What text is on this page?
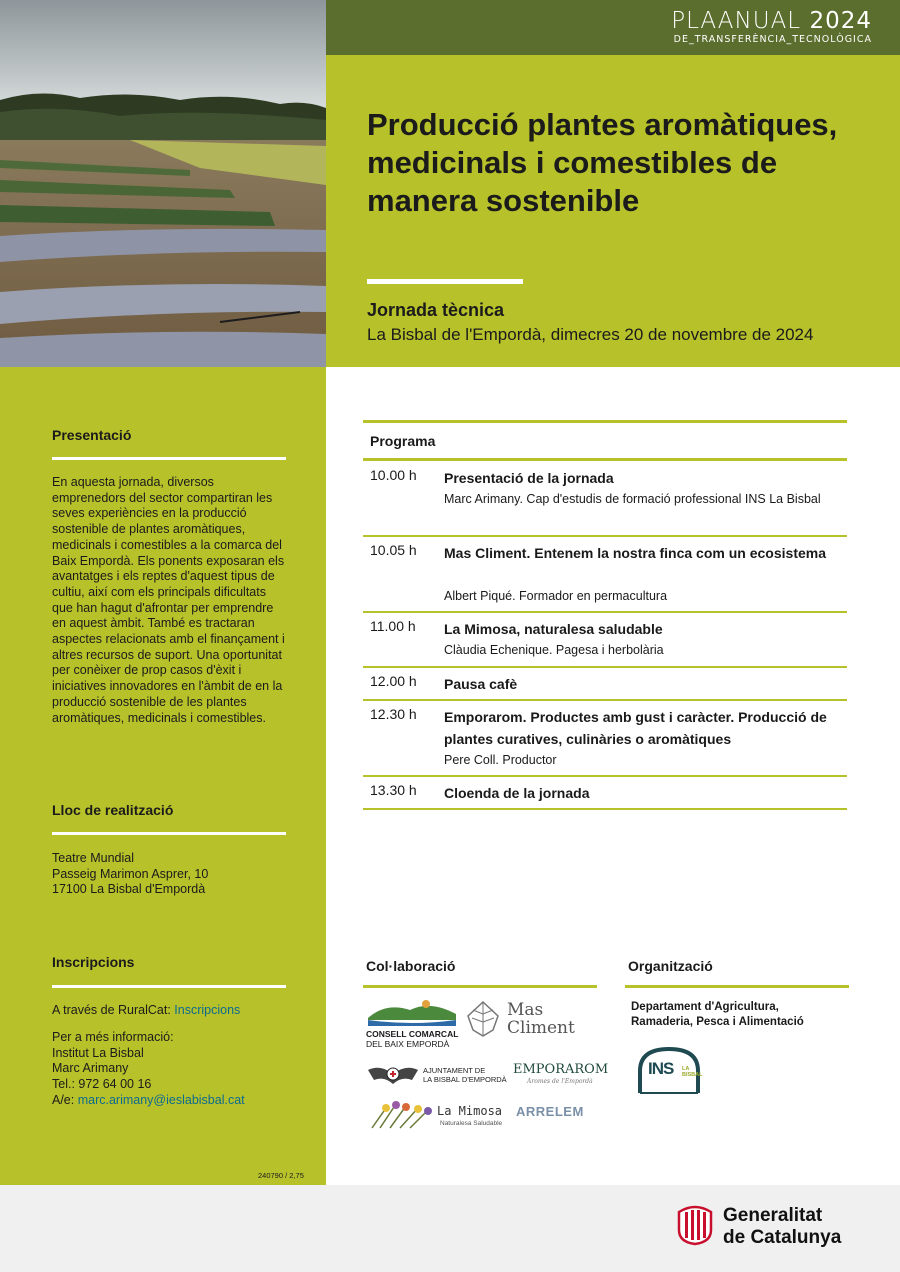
PLAANUAL 2024
DE_TRANSFERÈNCIA_TECNOLÒGICA
Producció plantes aromàtiques, medicinals i comestibles de manera sostenible
Jornada tècnica
La Bisbal de l'Empordà, dimecres 20 de novembre de 2024
Presentació
En aquesta jornada, diversos emprenedors del sector compartiran les seves experiències en la producció sostenible de plantes aromàtiques, medicinals i comestibles a la comarca del Baix Empordà. Els ponents exposaran els avantatges i els reptes d'aquest tipus de cultiu, així com els principals dificultats que han hagut d'afrontar per emprendre en aquest àmbit. També es tractaran aspectes relacionats amb el finançament i altres recursos de suport. Una oportunitat per conèixer de prop casos d'èxit i iniciatives innovadores en l'àmbit de en la producció sostenible de les plantes aromàtiques, medicinals i comestibles.
Lloc de realització
Teatre Mundial
Passeig Marimon Asprer, 10
17100 La Bisbal d'Empordà
Inscripcions
A través de RuralCat: Inscripcions
Per a més informació:
Institut La Bisbal
Marc Arimany
Tel.: 972 64 00 16
A/e: marc.arimany@ieslabisbal.cat
240790 / 2,75
Programa
10.00 h Presentació de la jornada
Marc Arimany. Cap d'estudis de formació professional INS La Bisbal
10.05 h Mas Climent. Entenem la nostra finca com un ecosistema
Albert Piqué. Formador en permacultura
11.00 h La Mimosa, naturalesa saludable
Clàudia Echenique. Pagesa i herbolària
12.00 h Pausa cafè
12.30 h Emporarom. Productes amb gust i caràcter. Producció de plantes curatives, culinàries o aromàtiques
Pere Coll. Productor
13.30 h Cloenda de la jornada
Col·laboració
CONSELL COMARCAL
DEL BAIX EMPORDÀ
Mas
Climent
AJUNTAMENT DE
LA BISBAL D'EMPORDÀ
EMPORAROM
Aromes de l'Empordà
La Mimosa
Naturalesa Saludable
ARRELEM
Organització
Departament d'Agricultura,
Ramaderia, Pesca i Alimentació
INS LA BISBAL
Generalitat
de Catalunya
